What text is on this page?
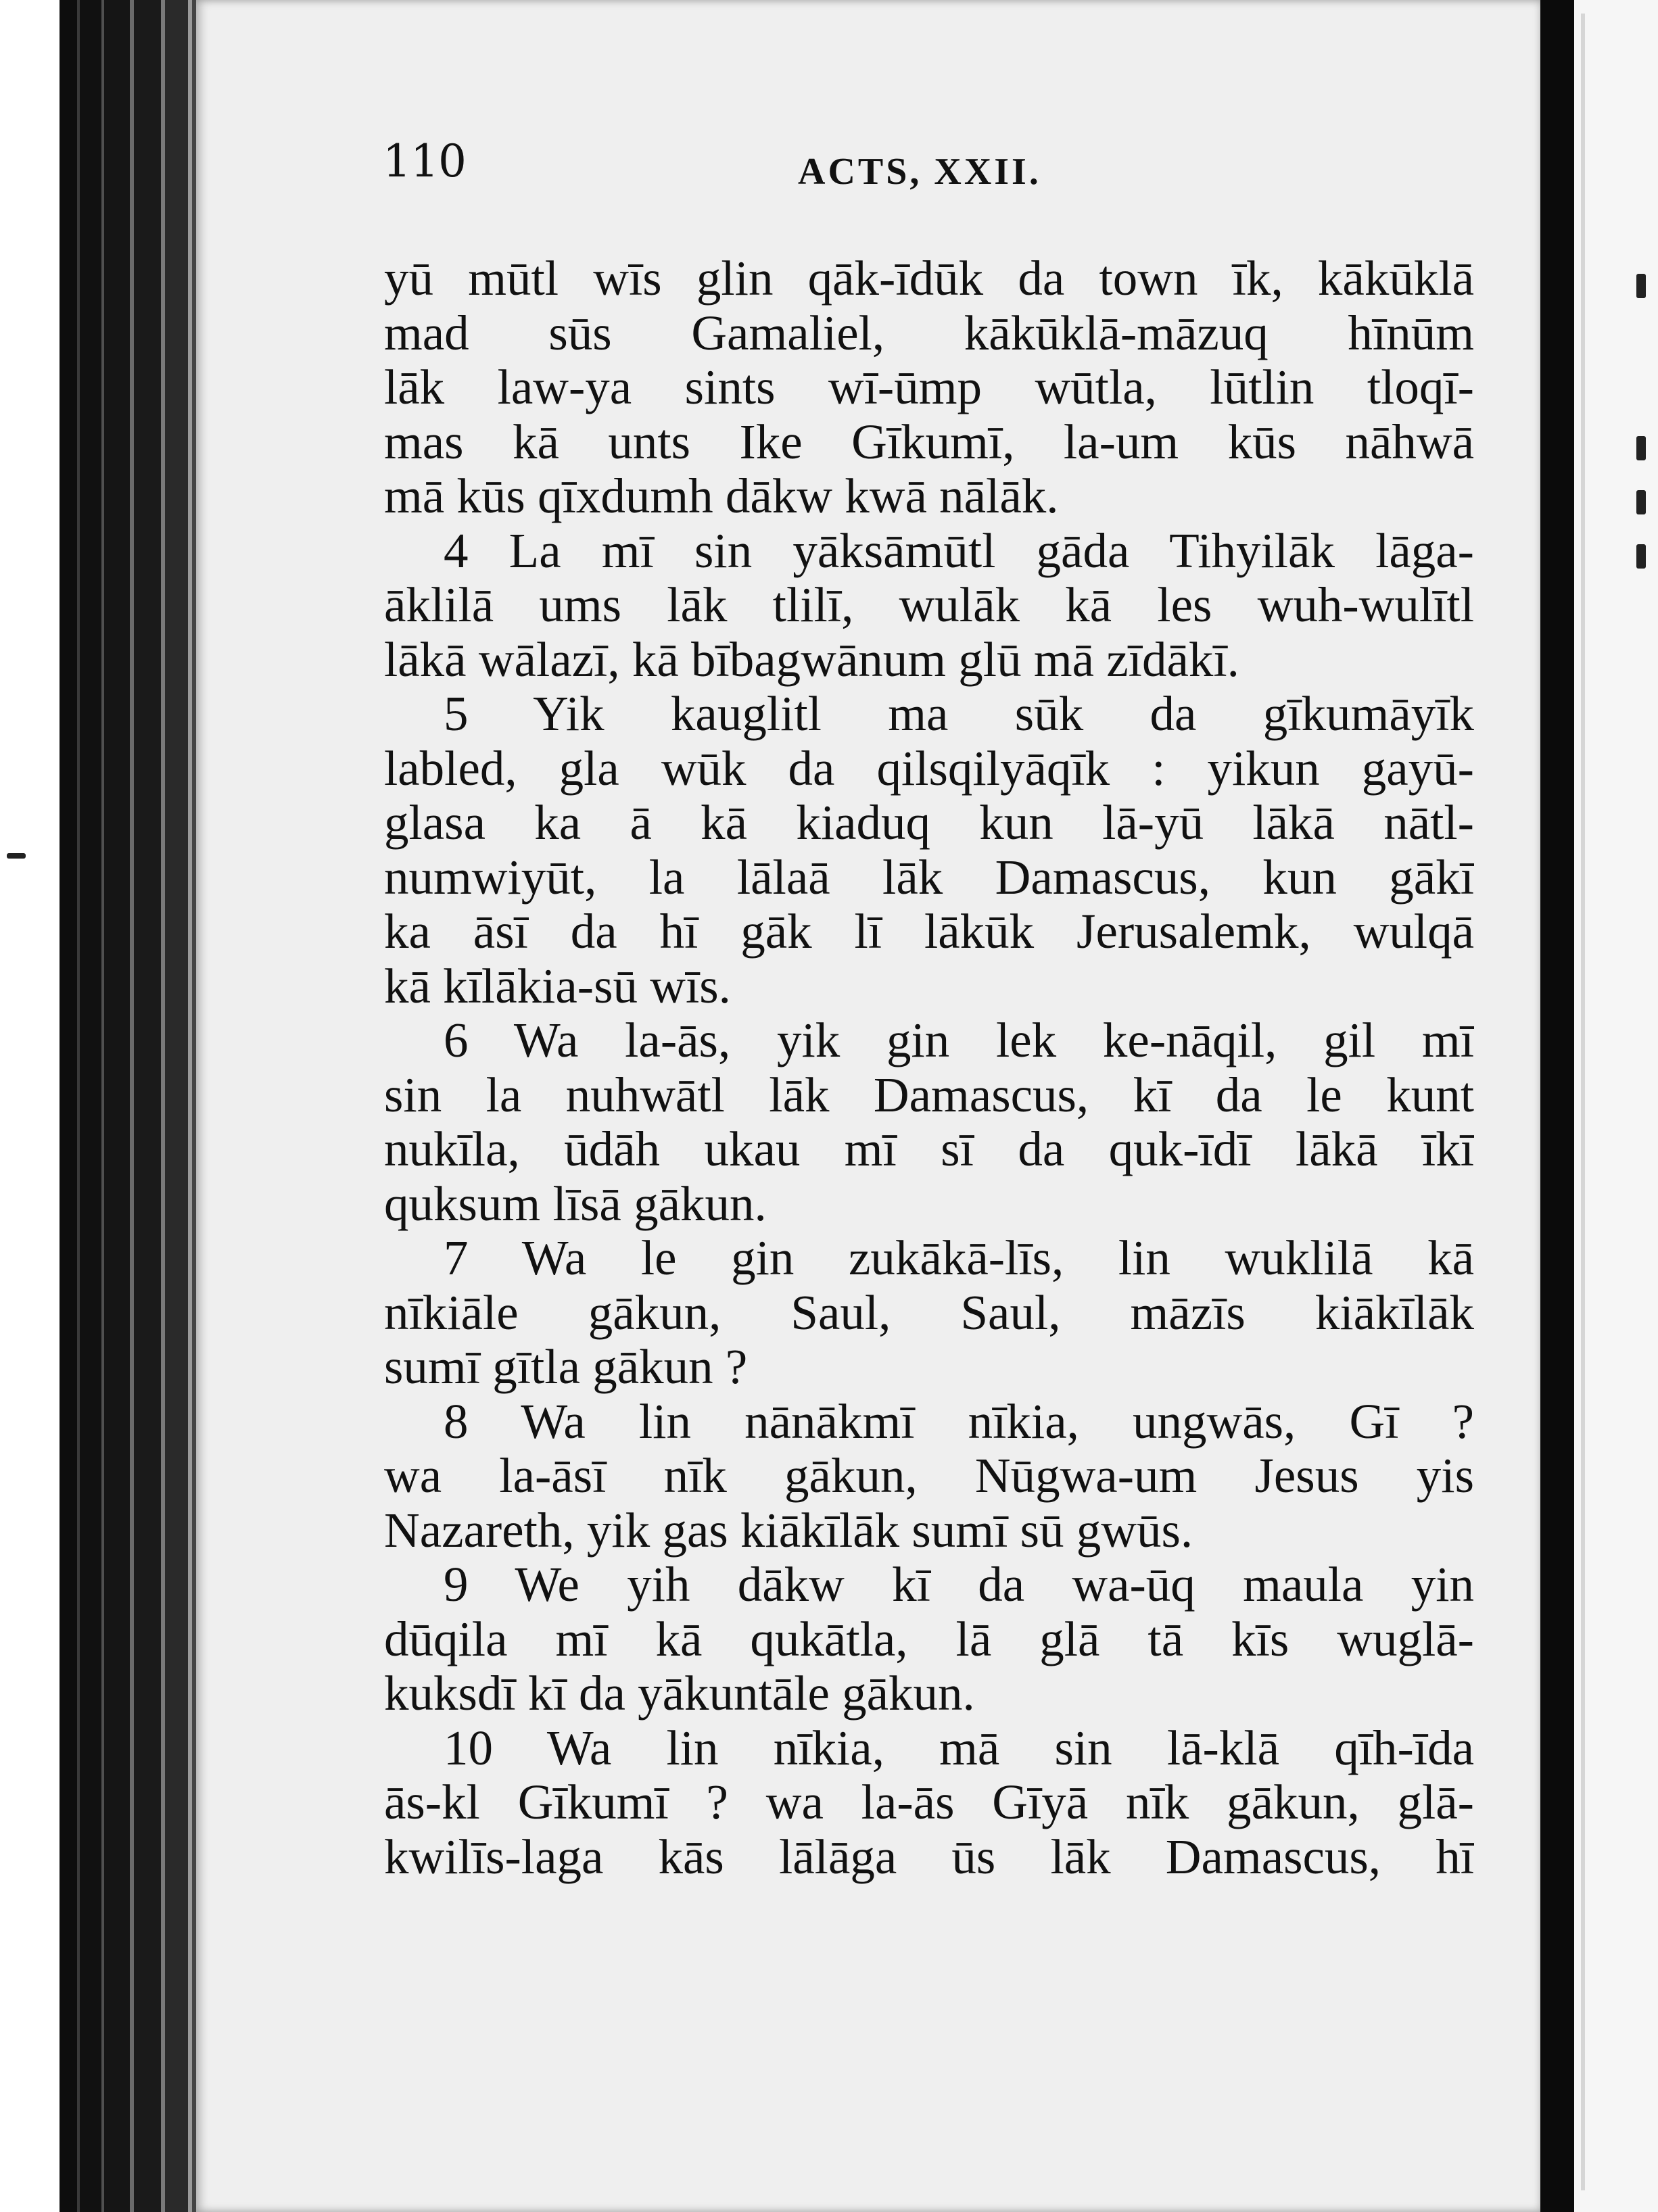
110	ACTS, XXII.
yū mūtl wīs glin qāk-īdūk da town īk, kākūklā
mad sūs Gamaliel, kākūklā-māzuq hīnūm
lāk law-ya sints wī-ūmp wūtla, lūtlin tloqī-
mas kā unts Ike Gīkumī, la-um kūs nāhwā
mā kūs qīxdumh dākw kwā nālāk.
4 La mī sin yāksāmūtl gāda Tihyilāk lāga-
āklilā ums lāk tlilī, wulāk kā les wuh-wulītl
lākā wālazī, kā bībagwānum glū mā zīdākī.
5 Yik kauglitl ma sūk da gīkumāyīk
labled, gla wūk da qilsqilyāqīk : yikun gayū-
glasa ka ā kā kiaduq kun lā-yū lākā nātl-
numwiyūt, la lālaā lāk Damascus, kun gākī
ka āsī da hī gāk lī lākūk Jerusalemk, wulqā
kā kīlākia-sū wīs.
6 Wa la-ās, yik gin lek ke-nāqil, gil mī
sin la nuhwātl lāk Damascus, kī da le kunt
nukīla, ūdāh ukau mī sī da quk-īdī lākā īkī
quksum līsā gākun.
7 Wa le gin zukākā-līs, lin wuklilā kā
nīkiāle gākun, Saul, Saul, māzīs kiākīlāk
sumī gītla gākun ?
8 Wa lin nānākmī nīkia, ungwās, Gī ?
wa la-āsī nīk gākun, Nūgwa-um Jesus yis
Nazareth, yik gas kiākīlāk sumī sū gwūs.
9 We yih dākw kī da wa-ūq maula yin
dūqila mī kā qukātla, lā glā tā kīs wuglā-
kuksdī kī da yākuntāle gākun.
10 Wa lin nīkia, mā sin lā-klā qīh-īda
ās-kl Gīkumī ? wa la-ās Gīyā nīk gākun, glā-
kwilīs-laga kās lālāga ūs lāk Damascus, hī
